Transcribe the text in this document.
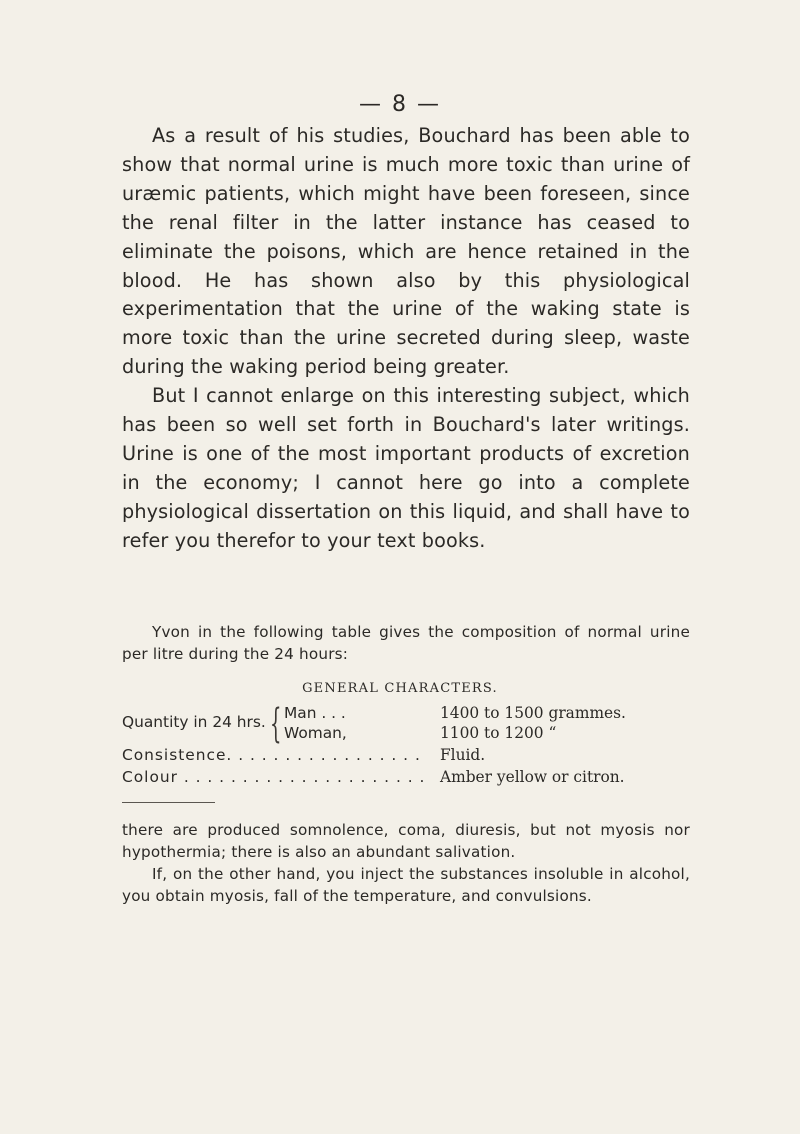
— 8 —

As a result of his studies, Bouchard has been able to show that normal urine is much more toxic than urine of uræmic patients, which might have been foreseen, since the renal filter in the latter instance has ceased to eliminate the poisons, which are hence retained in the blood. He has shown also by this physiological experimentation that the urine of the waking state is more toxic than the urine secreted during sleep, waste during the waking period being greater.

But I cannot enlarge on this interesting subject, which has been so well set forth in Bouchard's later writings. Urine is one of the most important products of excretion in the economy; I cannot here go into a complete physiological dissertation on this liquid, and shall have to refer you therefor to your text books.

Yvon in the following table gives the composition of normal urine per litre during the 24 hours:

GENERAL CHARACTERS.
Quantity in 24 hrs. { Man . . .	1400 to 1500 grammes.
Woman,	1100 to 1200 “
Consistence. . . . . . . . . . . . . . . . . Fluid.
Colour . . . . . . . . . . . . . . . . . . . . . Amber yellow or citron.

there are produced somnolence, coma, diuresis, but not myosis nor hypothermia; there is also an abundant salivation.

If, on the other hand, you inject the substances insoluble in alcohol, you obtain myosis, fall of the temperature, and convulsions.
